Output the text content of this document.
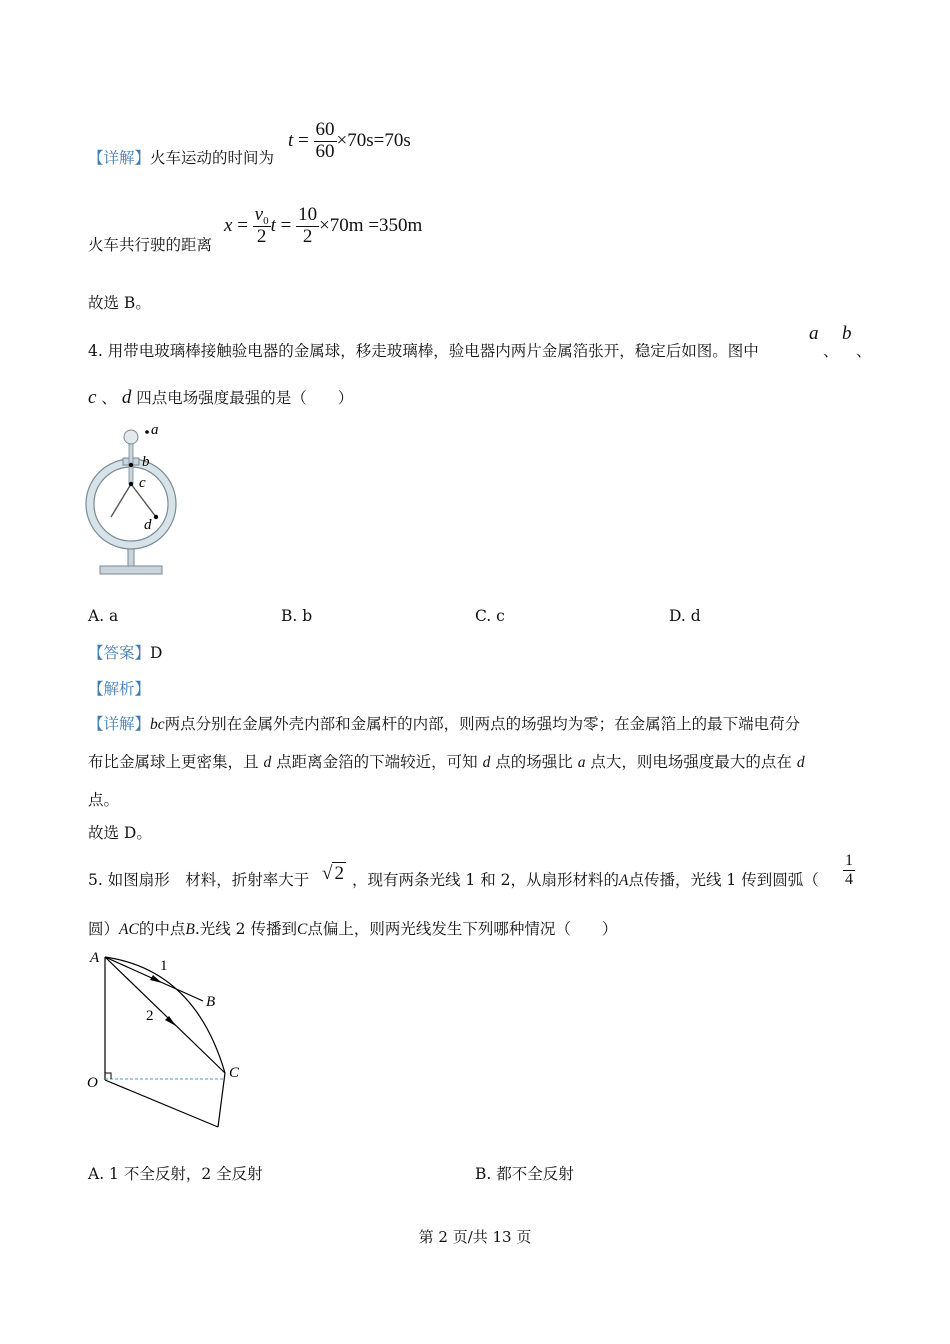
【详解】 火车运动的时间为
$t = \frac{60}{60} \times 70s=70s$
火车共行驶的距离
$x = \frac{v_0}{2}$ $t = \frac{10}{2} \times 70m =350m$
故选 B。
4. 用带电玻璃棒接触验电器的金属球，移走玻璃棒，验电器内两片金属箔张开，稳定后如图。图中
a
、
b
、
c 、 d 四点电场强度最强的是（　　）
a
b
c
d
A. a	B. b	C. c	D. d
【答案】D
【解析】
【详解】bc两点分别在金属外壳内部和金属杆的内部，则两点的场强均为零；在金属箔上的最下端电荷分
布比金属球上更密集，且 d 点距离金箔的下端较近，可知 d 点的场强比 a 点大，则电场强度最大的点在 d
点。
故选 D。
5. 如图扇形　材料，折射率大于 √ 2 ，现有两条光线 1 和 2，从扇形材料的A点传播，光线 1 传到圆弧（ $\frac{1}{4}$
圆）AC的中点B.光线 2 传播到C点偏上，则两光线发生下列哪种情况（　　）
A
B
C
O
1
2
A. 1 不全反射，2 全反射	B. 都不全反射
第 2 页/共 13 页
